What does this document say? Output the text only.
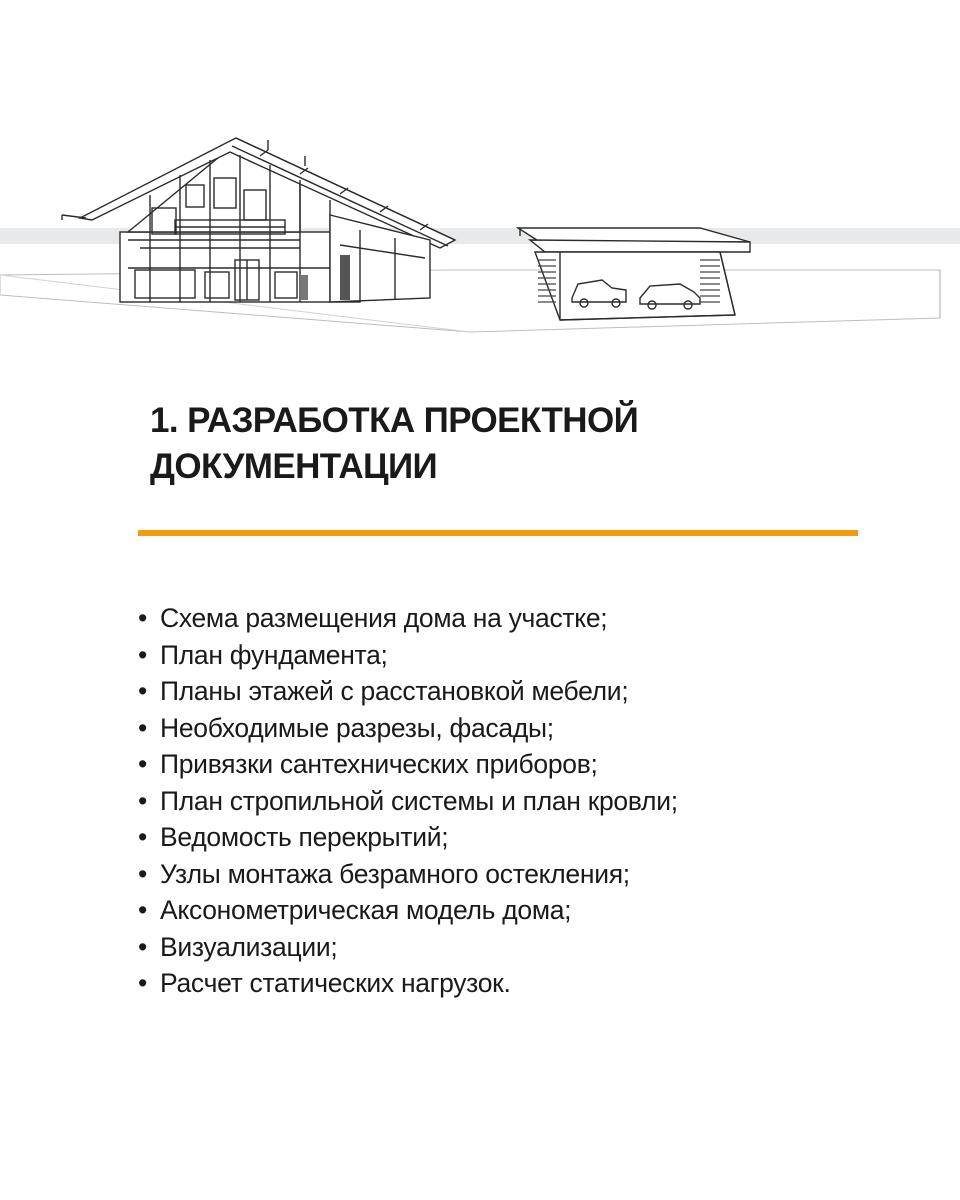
1. РАЗРАБОТКА ПРОЕКТНОЙ
ДОКУМЕНТАЦИИ
• Схема размещения дома на участке;
• План фундамента;
• Планы этажей с расстановкой мебели;
• Необходимые разрезы, фасады;
• Привязки сантехнических приборов;
• План стропильной системы и план кровли;
• Ведомость перекрытий;
• Узлы монтажа безрамного остекления;
• Аксонометрическая модель дома;
• Визуализации;
• Расчет статических нагрузок.
